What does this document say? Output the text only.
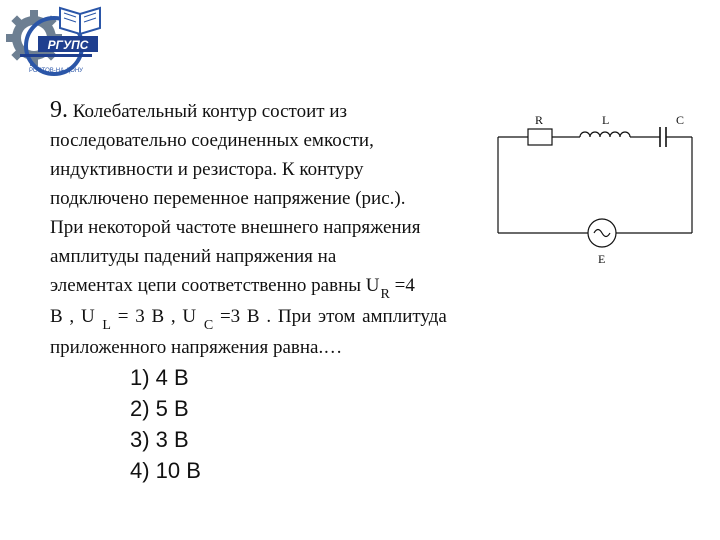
РГУПС
РОСТОВ-НА-ДОНУ
9. Колебательный контур состоит из
последовательно соединенных емкости,
индуктивности и резистора. К контуру
подключено переменное напряжение (рис.).
При некоторой частоте внешнего напряжения
амплитуды падений напряжения на
элементах цепи соответственно равны $U_R =4$
В , U $_L$ = 3 В , U $_C$ =3 В . При этом амплитуда
приложенного напряжения равна.…
R	L	C
E
1) 4 В
2) 5 В
3) 3 В
4) 10 В
